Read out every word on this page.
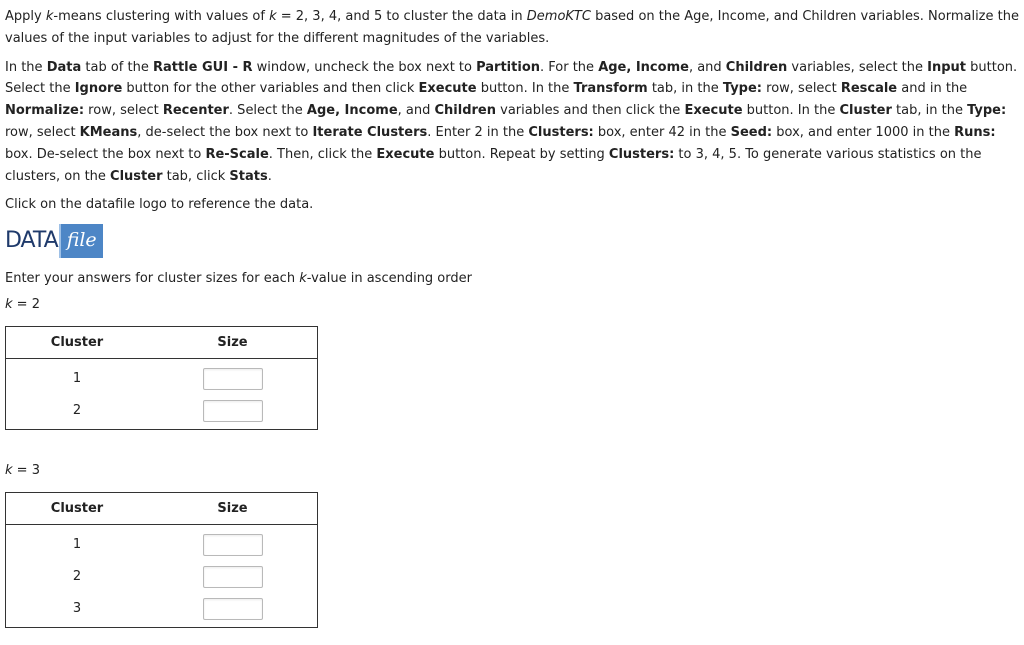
Apply k-means clustering with values of k = 2, 3, 4, and 5 to cluster the data in DemoKTC based on the Age, Income, and Children variables. Normalize the values of the input variables to adjust for the different magnitudes of the variables.

In the Data tab of the Rattle GUI - R window, uncheck the box next to Partition. For the Age, Income, and Children variables, select the Input button. Select the Ignore button for the other variables and then click Execute button. In the Transform tab, in the Type: row, select Rescale and in the Normalize: row, select Recenter. Select the Age, Income, and Children variables and then click the Execute button. In the Cluster tab, in the Type: row, select KMeans, de-select the box next to Iterate Clusters. Enter 2 in the Clusters: box, enter 42 in the Seed: box, and enter 1000 in the Runs: box. De-select the box next to Re-Scale. Then, click the Execute button. Repeat by setting Clusters: to 3, 4, 5. To generate various statistics on the clusters, on the Cluster tab, click Stats.

Click on the datafile logo to reference the data.

DATA file

Enter your answers for cluster sizes for each k-value in ascending order

k = 2

Cluster	Size
1	
2	

k = 3

Cluster	Size
1	
2	
3	
